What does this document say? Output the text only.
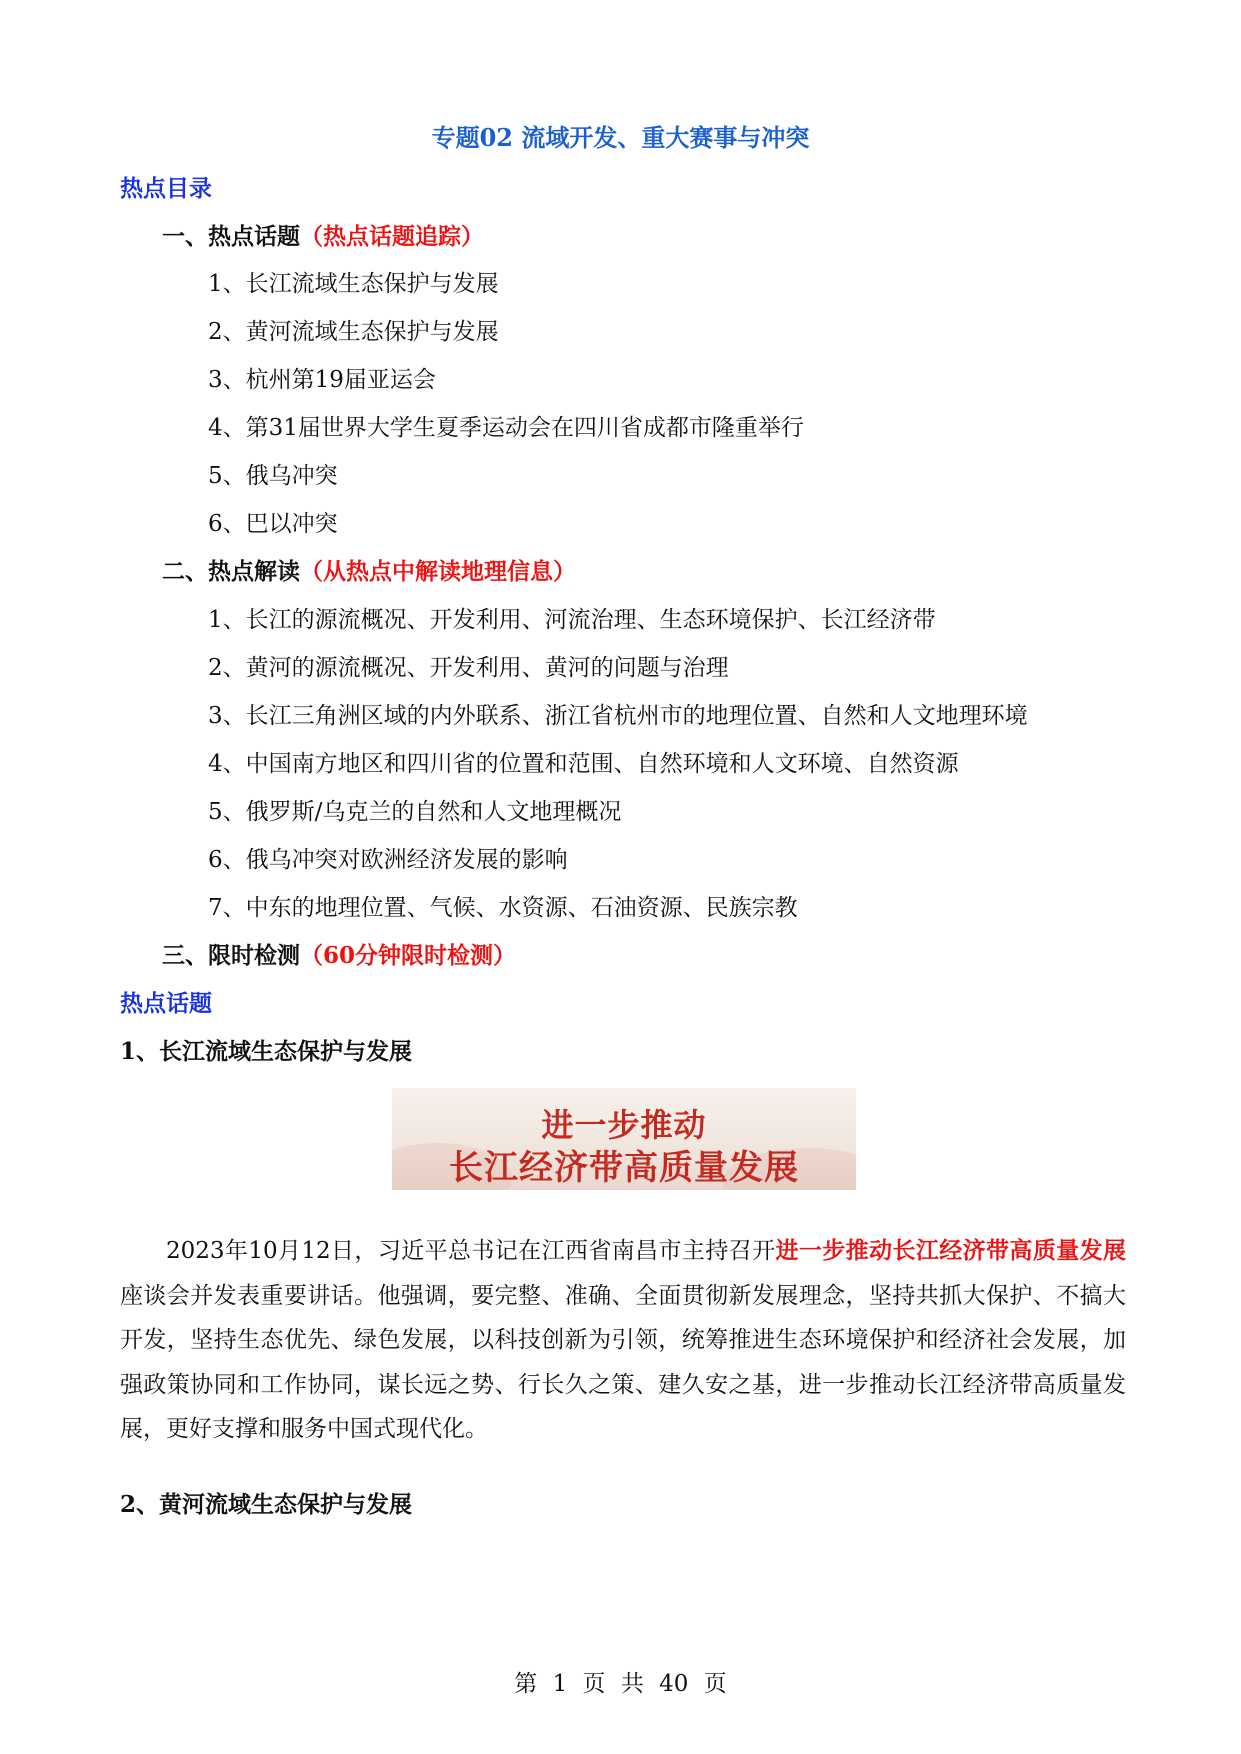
专题02 流域开发、重大赛事与冲突
热点目录
一、热点话题（热点话题追踪）
1、长江流域生态保护与发展
2、黄河流域生态保护与发展
3、杭州第19届亚运会
4、第31届世界大学生夏季运动会在四川省成都市隆重举行
5、俄乌冲突
6、巴以冲突
二、热点解读（从热点中解读地理信息）
1、长江的源流概况、开发利用、河流治理、生态环境保护、长江经济带
2、黄河的源流概况、开发利用、黄河的问题与治理
3、长江三角洲区域的内外联系、浙江省杭州市的地理位置、自然和人文地理环境
4、中国南方地区和四川省的位置和范围、自然环境和人文环境、自然资源
5、俄罗斯/乌克兰的自然和人文地理概况
6、俄乌冲突对欧洲经济发展的影响
7、中东的地理位置、气候、水资源、石油资源、民族宗教
三、限时检测（60分钟限时检测）
热点话题
1、长江流域生态保护与发展
进一步推动
长江经济带高质量发展
2023年10月12日，习近平总书记在江西省南昌市主持召开进一步推动长江经济带高质量发展座谈会并发表重要讲话。他强调，要完整、准确、全面贯彻新发展理念，坚持共抓大保护、不搞大开发，坚持生态优先、绿色发展，以科技创新为引领，统筹推进生态环境保护和经济社会发展，加强政策协同和工作协同，谋长远之势、行长久之策、建久安之基，进一步推动长江经济带高质量发展，更好支撑和服务中国式现代化。
2、黄河流域生态保护与发展
第 1 页 共 40 页
